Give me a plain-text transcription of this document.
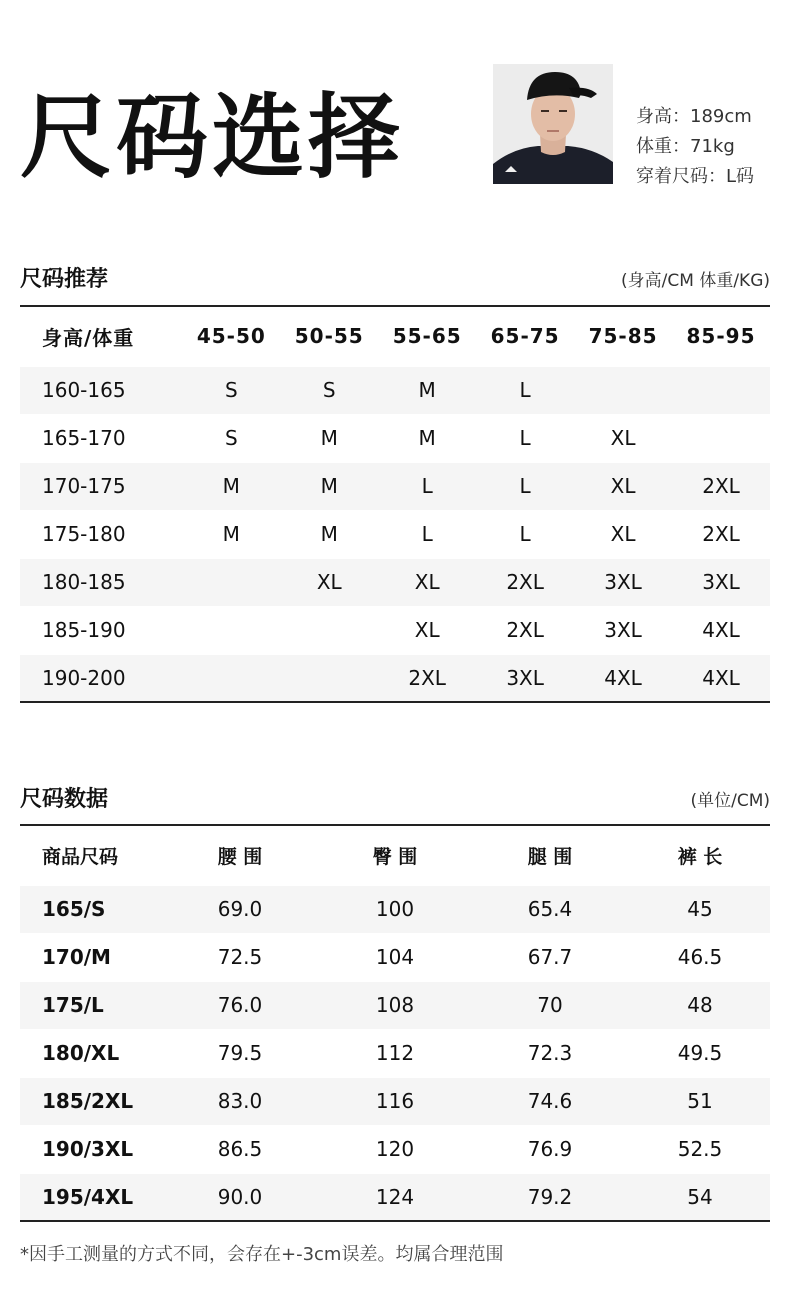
尺码选择	身高：189cm
体重：71kg
穿着尺码：L码
尺码推荐	(身高/CM 体重/KG)
身高/体重	45-50	50-55	55-65	65-75	75-85	85-95
160-165	S	S	M	L		
165-170	S	M	M	L	XL	
170-175	M	M	L	L	XL	2XL
175-180	M	M	L	L	XL	2XL
180-185		XL	XL	2XL	3XL	3XL
185-190			XL	2XL	3XL	4XL
190-200			2XL	3XL	4XL	4XL
尺码数据	(单位/CM)
商品尺码	腰 围	臀 围	腿 围	裤 长
165/S	69.0	100	65.4	45
170/M	72.5	104	67.7	46.5
175/L	76.0	108	70	48
180/XL	79.5	112	72.3	49.5
185/2XL	83.0	116	74.6	51
190/3XL	86.5	120	76.9	52.5
195/4XL	90.0	124	79.2	54
*因手工测量的方式不同，会存在+-3cm误差。均属合理范围
